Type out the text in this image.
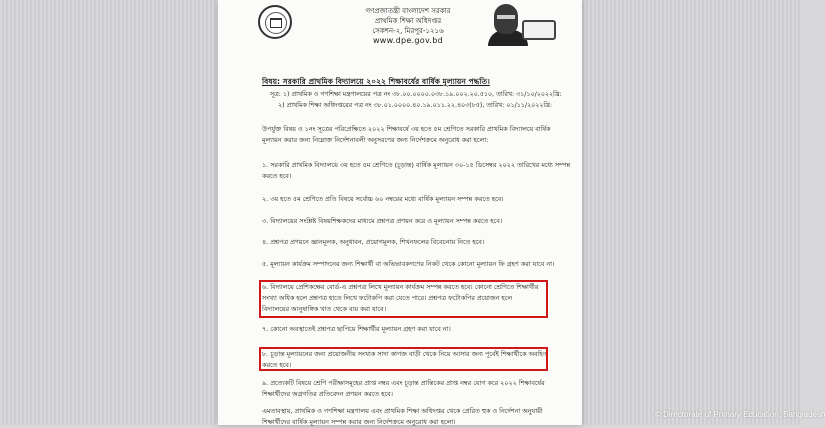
গণপ্রজাতন্ত্রী বাংলাদেশ সরকার
প্রাথমিক শিক্ষা অধিদপ্তর
সেকশন-২, মিরপুর-১২১৬
www.dpe.gov.bd
বিষয়: সরকারি প্রাথমিক বিদ্যালয়ে ২০২২ শিক্ষাবর্ষের বার্ষিক মূল্যায়ন পদ্ধতি।
সূত্র: ১) প্রাথমিক ও গণশিক্ষা মন্ত্রণালয়ের পত্র নং ৩৮.০০.০০০০.০৩৮.১৯.০০২.২০.৫১০, তারিখ: ৩১/১০/২০২২খ্রি:
২) প্রাথমিক শিক্ষা অধিদপ্তরের পত্র নং ৩৮.০১.০০০০.৪০.১৯.০১১.২২.৪০৩(৮৫), তারিখ: ০১/১১/২০২২খ্রি:
উপর্যুক্ত বিষয় ও ১নং সূত্রের পরিপ্রেক্ষিতে ২০২২ শিক্ষাবর্ষে ৩য় হতে ৫ম শ্রেণিতে সরকারি প্রাথমিক বিদ্যালয়ে বার্ষিক
মূল্যায়ন করার জন্য নিম্নোক্ত নির্দেশনাবলী অনুসরণের জন্য নির্দেশক্রমে অনুরোধ করা হলো:
১. সরকারি প্রাথমিক বিদ্যালয়ে ৩য় হতে ৫ম শ্রেণিতে (চূড়ান্ত) বার্ষিক মূল্যায়ন ৩০-১৫ ডিসেম্বর ২০২২ তারিখের মধ্যে সম্পন্ন
করতে হবে।
২. ৩য় হতে ৫ম শ্রেণিতে প্রতি বিষয়ে সর্বোচ্চ ৬০ নম্বরের মধ্যে বার্ষিক মূল্যায়ন সম্পন্ন করতে হবে।
৩. বিদ্যালয়ের সংশ্লিষ্ট বিষয়শিক্ষকদের মাধ্যমে প্রশ্নপত্র প্রণয়ন করে ও মূল্যায়ন সম্পন্ন করতে হবে।
৪. প্রশ্নপত্র প্রণয়নে জ্ঞানমূলক, অনুধাবন, প্রয়োগমূলক, শিখনফলের বিবেচনায় নিতে হবে।
৫. মূল্যায়ন কার্যক্রম সম্পাদনের জন্য শিক্ষার্থী বা অভিভাবকগণের নিকট থেকে কোনো মূল্যায়ন ফি গ্রহণ করা যাবে না।
৬. বিদ্যালয়ে প্রেশিকক্ষের বোর্ড-এ প্রশ্নপত্র লিখে মূল্যায়ন কার্যক্রম সম্পন্ন করতে হবে। কোনো শ্রেণিতে শিক্ষার্থীর
সংখ্যা অধিক হলে প্রশ্নপত্র হাতে লিখে ফটোকপি করা যেতে পারে। প্রশ্নপত্র ফটোকপির প্রয়োজন হলে
বিদ্যালয়ের আনুষাঙ্গিক খাত থেকে ব্যয় করা যাবে।
৭. কোনো অবস্থাতেই প্রশ্নপত্র ছাপিয়ে শিক্ষার্থীর মূল্যায়ন গ্রহণ করা যাবে না।
৮. চূড়ান্ত মূল্যায়নের জন্য প্রয়োজনীয় সংখ্যক সাদা কাগজ বাড়ী থেকে নিয়ে আসার জন্য পূর্বেই শিক্ষার্থীকে অবহিত
করতে হবে।
৯. প্রত্যেকটি বিষয়ে শ্রেণি পরীক্ষাসমূহের প্রাপ্ত নম্বর এবং চূড়ান্ত প্রান্তিকের প্রাপ্ত নম্বর যোগ করে ২০২২ শিক্ষাবর্ষের
শিক্ষার্থীদের অগ্রগতির প্রতিবেদন প্রণয়ন করতে হবে।
এমতাবস্থায়, প্রাথমিক ও গণশিক্ষা মন্ত্রণালয় এবং প্রাথমিক শিক্ষা অধিদপ্তর থেকে প্রেরিত হুক ও নির্দেশনা অনুযায়ী
শিক্ষার্থীদের বার্ষিক মূল্যায়ন সম্পন্ন করার জন্য নির্দেশক্রমে অনুরোধ করা হলো।
© Directorate of Primary Education, Bangladesh
